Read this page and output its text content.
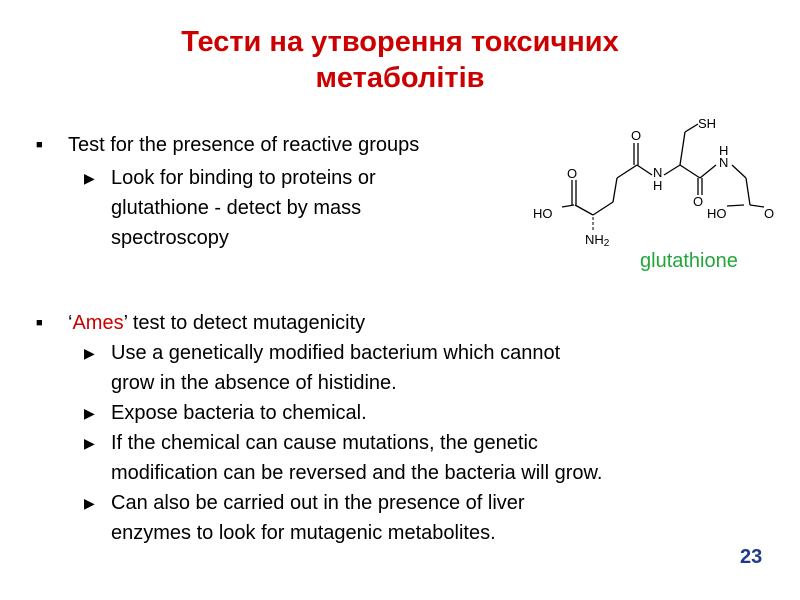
Тести на утворення токсичних
метаболітів
■ Test for the presence of reactive groups
▶ Look for binding to proteins or
glutathione - detect by mass
spectroscopy
O
HO
O
N
H
SH
O
H
N
HO	O
NH2
glutathione
■ ‘Ames’ test to detect mutagenicity
▶ Use a genetically modified bacterium which cannot
grow in the absence of histidine.
▶ Expose bacteria to chemical.
▶ If the chemical can cause mutations, the genetic
modification can be reversed and the bacteria will grow.
▶ Can also be carried out in the presence of liver
enzymes to look for mutagenic metabolites.
23
